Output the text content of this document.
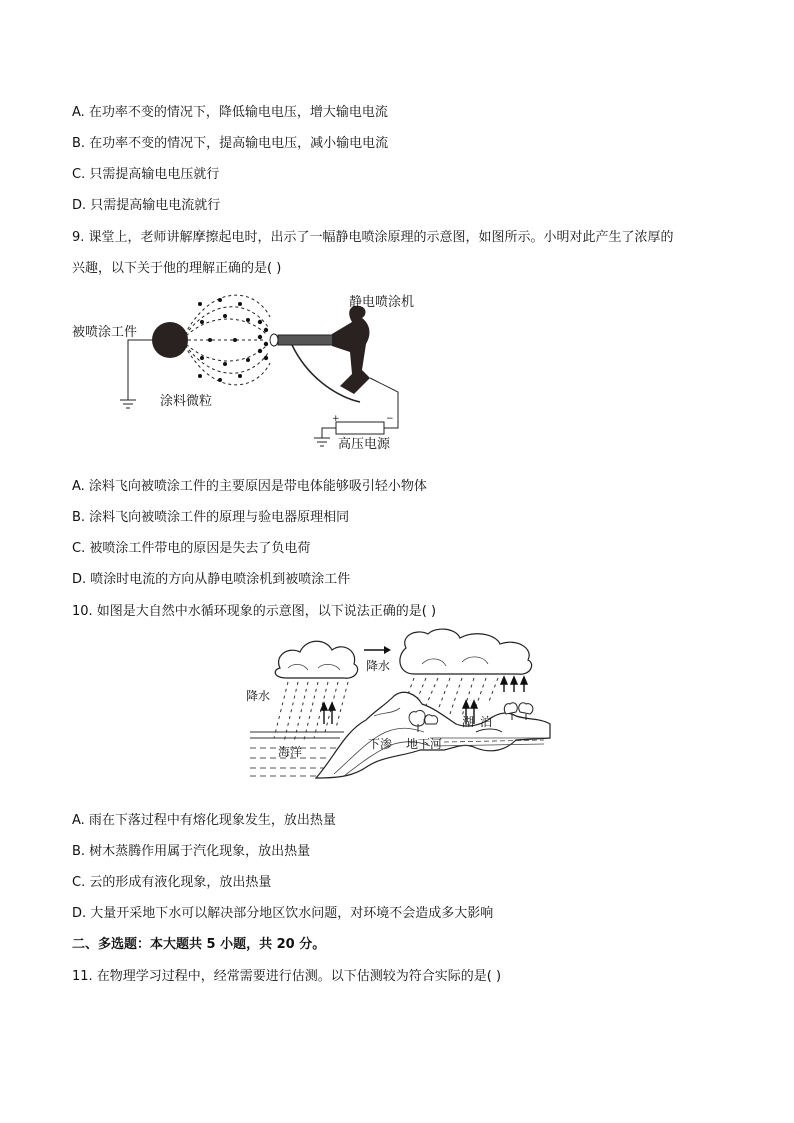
A. 在功率不变的情况下，降低输电电压，增大输电电流
B. 在功率不变的情况下，提高输电电压，减小输电电流
C. 只需提高输电电压就行
D. 只需提高输电电流就行
9. 课堂上，老师讲解摩擦起电时，出示了一幅静电喷涂原理的示意图，如图所示。小明对此产生了浓厚的
兴趣，以下关于他的理解正确的是( )
+	−
被喷涂工件
涂料微粒
静电喷涂机
高压电源
A. 涂料飞向被喷涂工件的主要原因是带电体能够吸引轻小物体
B. 涂料飞向被喷涂工件的原理与验电器原理相同
C. 被喷涂工件带电的原因是失去了负电荷
D. 喷涂时电流的方向从静电喷涂机到被喷涂工件
10. 如图是大自然中水循环现象的示意图，以下说法正确的是( )
降水
降水
海洋
下渗 地下河
湖 泊
A. 雨在下落过程中有熔化现象发生，放出热量
B. 树木蒸腾作用属于汽化现象，放出热量
C. 云的形成有液化现象，放出热量
D. 大量开采地下水可以解决部分地区饮水问题，对环境不会造成多大影响
二、多选题：本大题共 5 小题，共 20 分。
11. 在物理学习过程中，经常需要进行估测。以下估测较为符合实际的是( )
